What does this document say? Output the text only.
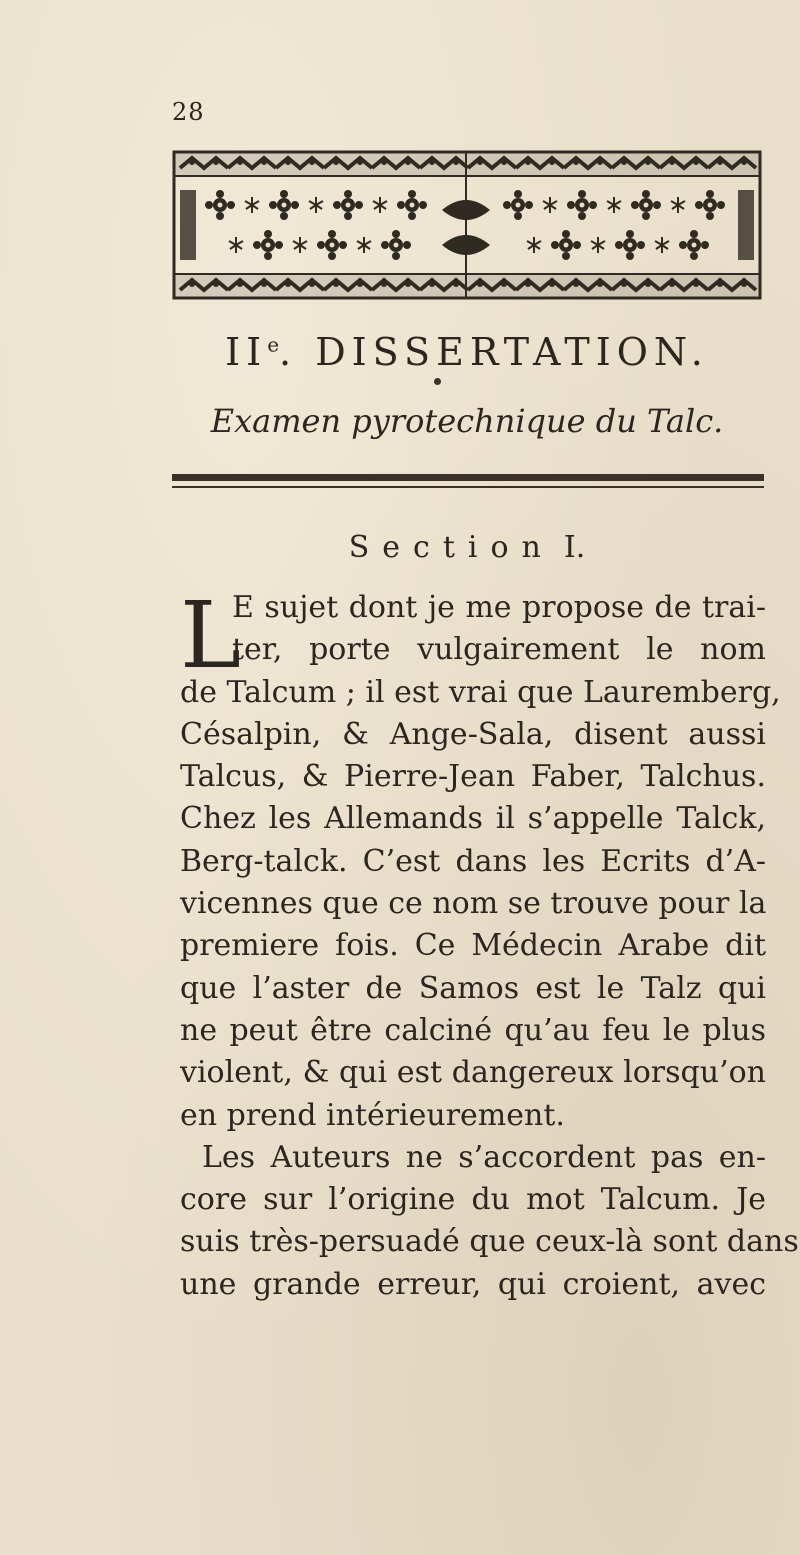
28
IIe. DISSERTATION.
Examen pyrotechnique du Talc.
Section I.
L
E sujet dont je me propose de trai-
ter, porte vulgairement le nom
de Talcum ; il est vrai que Lauremberg,
Césalpin, & Ange-Sala, disent aussi
Talcus, & Pierre-Jean Faber, Talchus.
Chez les Allemands il s’appelle Talck,
Berg-talck. C’est dans les Ecrits d’A-
vicennes que ce nom se trouve pour la
premiere fois. Ce Médecin Arabe dit
que l’aster de Samos est le Talz qui
ne peut être calciné qu’au feu le plus
violent, & qui est dangereux lorsqu’on
en prend intérieurement.
Les Auteurs ne s’accordent pas en-
core sur l’origine du mot Talcum. Je
suis très-persuadé que ceux-là sont dans
une grande erreur, qui croient, avec
